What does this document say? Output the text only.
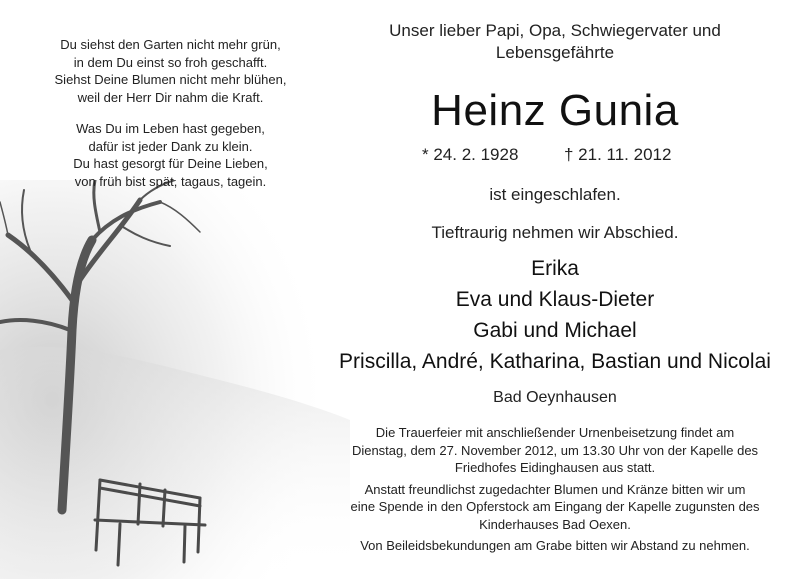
Du siehst den Garten nicht mehr grün,
in dem Du einst so froh geschafft.
Siehst Deine Blumen nicht mehr blühen,
weil der Herr Dir nahm die Kraft.

Was Du im Leben hast gegeben,
dafür ist jeder Dank zu klein.
Du hast gesorgt für Deine Lieben,
von früh bist spät, tagaus, tagein.

Unser lieber Papi, Opa, Schwiegervater und
Lebensgefährte
Heinz Gunia
* 24. 2. 1928	† 21. 11. 2012
ist eingeschlafen.
Tieftraurig nehmen wir Abschied.
Erika
Eva und Klaus-Dieter
Gabi und Michael
Priscilla, André, Katharina, Bastian und Nicolai
Bad Oeynhausen

Die Trauerfeier mit anschließender Urnenbeisetzung findet am
Dienstag, dem 27. November 2012, um 13.30 Uhr von der Kapelle des
Friedhofes Eidinghausen aus statt.

Anstatt freundlichst zugedachter Blumen und Kränze bitten wir um
eine Spende in den Opferstock am Eingang der Kapelle zugunsten des
Kinderhauses Bad Oexen.

Von Beileidsbekundungen am Grabe bitten wir Abstand zu nehmen.
